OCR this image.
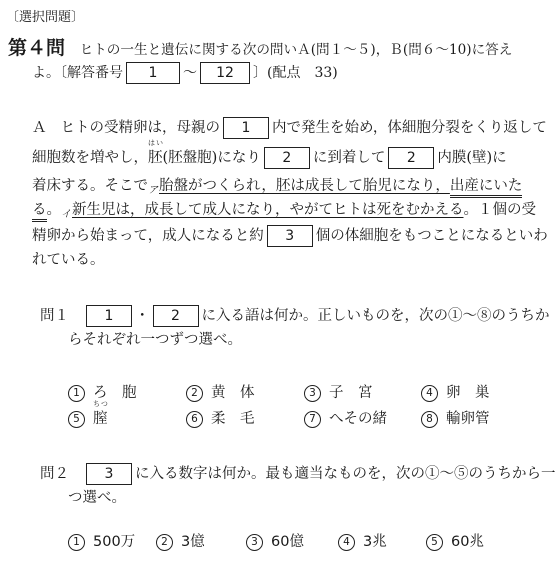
〔選択問題〕
第４問 ヒトの一生と遺伝に関する次の問いＡ(問１〜５)，Ｂ(問６〜10)に答え
よ。〔解答番号 1 〜 12 〕(配点　33)
Ａ ヒトの受精卵は，母親の 1 内で発生を始め，体細胞分裂をくり返して
細胞数を増やし，
はい
胚(胚盤胞)になり 2 に到着して 2 内膜(壁)に
着床する。そこで$_ア$胎盤がつくられ，胚は成長して胎児になり，出産にいた
る。$_イ$新生児は，成長して成人になり，やがてヒトは死をむかえる。１個の受
精卵から始まって，成人になると約 3 個の体細胞をもつことになるといわ
れている。
問１	1 ・ 2 に入る語は何か。正しいものを，次の①〜⑧のうちか
らそれぞれ一つずつ選べ。
1 ろ　胞	2 黄　体	3 子　宮	4 卵　巣
5
ちつ
膣	6 柔　毛	7 へその緒	8 輸卵管
問２	3 に入る数字は何か。最も適当なものを，次の①〜⑤のうちから一
つ選べ。
1 500万	2 3億	3 60億	4 3兆	5 60兆
